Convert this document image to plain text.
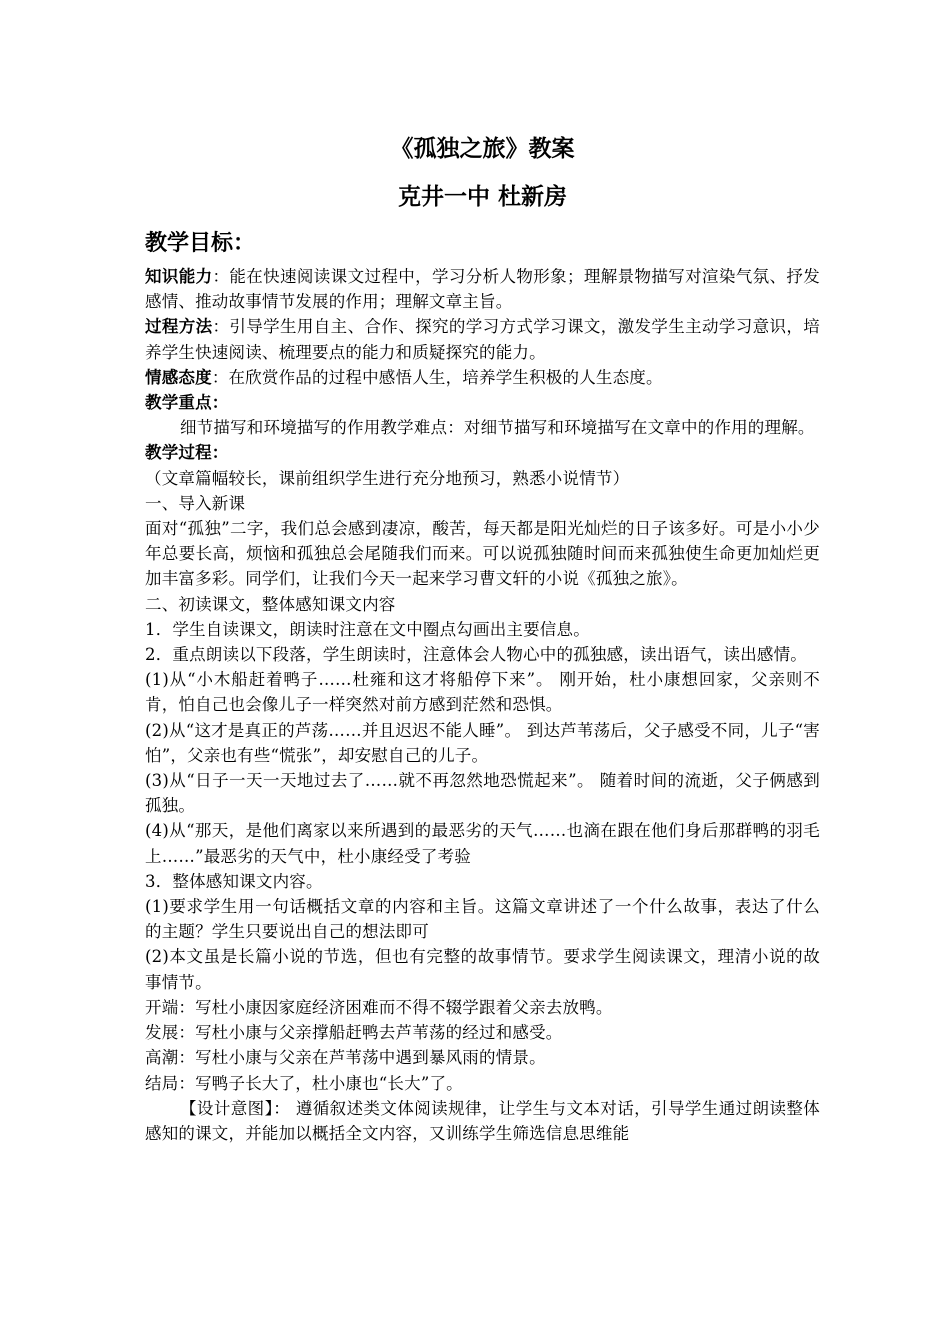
《孤独之旅》教案
克井一中 杜新房
教学目标：

知识能力：能在快速阅读课文过程中，学习分析人物形象；理解景物描写对渲染气氛、抒发感情、推动故事情节发展的作用；理解文章主旨。

过程方法：引导学生用自主、合作、探究的学习方式学习课文，激发学生主动学习意识，培养学生快速阅读、梳理要点的能力和质疑探究的能力。

情感态度：在欣赏作品的过程中感悟人生，培养学生积极的人生态度。

教学重点：

细节描写和环境描写的作用教学难点：对细节描写和环境描写在文章中的作用的理解。

教学过程：

（文章篇幅较长，课前组织学生进行充分地预习，熟悉小说情节）

一、导入新课

面对“孤独”二字，我们总会感到凄凉，酸苦，每天都是阳光灿烂的日子该多好。可是小小少年总要长高，烦恼和孤独总会尾随我们而来。可以说孤独随时间而来孤独使生命更加灿烂更加丰富多彩。同学们，让我们今天一起来学习曹文轩的小说《孤独之旅》。

二、初读课文，整体感知课文内容

1．学生自读课文，朗读时注意在文中圈点勾画出主要信息。

2．重点朗读以下段落，学生朗读时，注意体会人物心中的孤独感，读出语气，读出感情。

(1)从“小木船赶着鸭子……杜雍和这才将船停下来”。 刚开始，杜小康想回家，父亲则不肯，怕自己也会像儿子一样突然对前方感到茫然和恐惧。

(2)从“这才是真正的芦荡……并且迟迟不能人睡”。 到达芦苇荡后，父子感受不同，儿子“害怕”，父亲也有些“慌张”，却安慰自己的儿子。

(3)从“日子一天一天地过去了……就不再忽然地恐慌起来”。 随着时间的流逝，父子俩感到孤独。

(4)从“那天，是他们离家以来所遇到的最恶劣的天气……也滴在跟在他们身后那群鸭的羽毛上……”最恶劣的天气中，杜小康经受了考验

3．整体感知课文内容。

(1)要求学生用一句话概括文章的内容和主旨。这篇文章讲述了一个什么故事，表达了什么的主题？学生只要说出自己的想法即可

(2)本文虽是长篇小说的节选，但也有完整的故事情节。要求学生阅读课文，理清小说的故事情节。

开端：写杜小康因家庭经济困难而不得不辍学跟着父亲去放鸭。

发展：写杜小康与父亲撑船赶鸭去芦苇荡的经过和感受。

高潮：写杜小康与父亲在芦苇荡中遇到暴风雨的情景。

结局：写鸭子长大了，杜小康也“长大”了。

【设计意图】： 遵循叙述类文体阅读规律，让学生与文本对话，引导学生通过朗读整体感知的课文，并能加以概括全文内容，又训练学生筛选信息思维能
